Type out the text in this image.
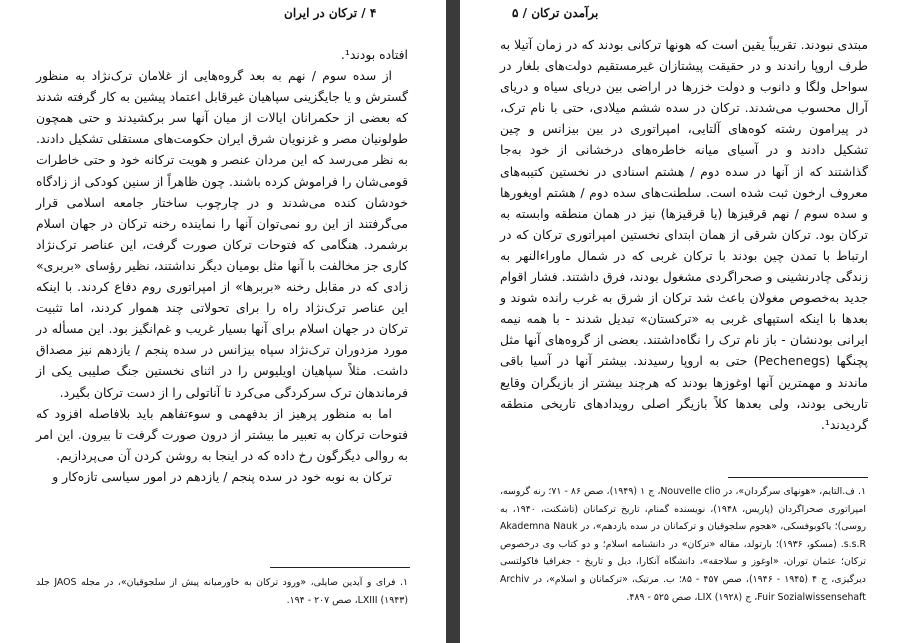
۴ / ترکان در ایران

افتاده بودند¹.

از سده سوم / نهم به بعد گروه‌هایی از غلامان ترک‌نژاد به منظور گسترش و یا جایگزینی سپاهیان غیرقابل اعتماد پیشین به کار گرفته شدند که بعضی از حکمرانان ایالات از میان آنها سر برکشیدند و حتی همچون طولونیان مصر و غزنویان شرق ایران حکومت‌های مستقلی تشکیل دادند. به نظر می‌رسد که این مردان عنصر و هویت ترکانه خود و حتی خاطرات قومی‌شان را فراموش کرده باشند. چون ظاهراً از سنین کودکی از زادگاه خودشان کنده می‌شدند و در چارچوب ساختار جامعه اسلامی قرار می‌گرفتند از این رو نمی‌توان آنها را نماینده رخنه ترکان در جهان اسلام برشمرد. هنگامی که فتوحات ترکان صورت گرفت، این عناصر ترک‌نژاد کاری جز مخالفت با آنها مثل بومیان دیگر نداشتند، نظیر رؤسای «بربری» زادی که در مقابل رخنه «بربرها» از امپراتوری روم دفاع کردند. با اینکه این عناصر ترک‌نژاد راه را برای تحولاتی چند هموار کردند، اما تثبیت ترکان در جهان اسلام برای آنها بسیار غریب و غم‌انگیز بود. این مسأله در مورد مزدوران ترک‌نژاد سپاه بیزانس در سده پنجم / یازدهم نیز مصداق داشت. مثلاً سپاهیان اویلیوس را در اثنای نخستین جنگ صلیبی یکی از فرماندهان ترک سرکردگی می‌کرد تا آناتولی را از دست ترکان بگیرد.

اما به منظور پرهیز از بدفهمی و سوءتفاهم باید بلافاصله افزود که فتوحات ترکان به تعبیر ما بیشتر از درون صورت گرفت تا بیرون. این امر به روالی دیگرگون رخ داده که در اینجا به روشن کردن آن می‌پردازیم.

ترکان به نوبه خود در سده پنجم / یازدهم در امور سیاسی تازه‌کار و

۱. فرای و آیدین صایلی، «ورود ترکان به خاورمیانه پیش از سلجوقیان»، در مجله JAOS جلد LXIII (۱۹۴۳)، صص ۲۰۷ - ۱۹۴.

برآمدن ترکان / ۵

مبتدی نبودند. تقریباً یقین است که هونها ترکانی بودند که در زمان آتیلا به طرف اروپا راندند و در حقیقت پیشتازان غیرمستقیم دولت‌های بلغار در سواحل ولگا و دانوب و دولت خزرها در اراضی بین دریای سیاه و دریای آرال محسوب می‌شدند. ترکان در سده ششم میلادی، حتی با نام ترک، در پیرامون رشته کوه‌های آلتایی، امپراتوری در بین بیزانس و چین تشکیل دادند و در آسیای میانه خاطره‌های درخشانی از خود به‌جا گذاشتند که از آنها در سده دوم / هشتم اسنادی در نخستین کتیبه‌های معروف ارخون ثبت شده است. سلطنت‌های سده دوم / هشتم اویغورها و سده سوم / نهم قرقیزها (یا قرقیزها) نیز در همان منطقه وابسته به ترکان بود. ترکان شرقی از همان ابتدای نخستین امپراتوری ترکان که در ارتباط با تمدن چین بودند با ترکان غربی که در شمال ماوراءالنهر به زندگی چادرنشینی و صحراگردی مشغول بودند، فرق داشتند. فشار اقوام جدید به‌خصوص مغولان باعث شد ترکان از شرق به غرب رانده شوند و بعدها با اینکه استپهای غربی به «ترکستان» تبدیل شدند - با همه نیمه ایرانی بودنشان - باز نام ترک را نگاه‌داشتند. بعضی از گروه‌های آنها مثل پچنگها (Pechenegs) حتی به اروپا رسیدند. بیشتر آنها در آسیا باقی ماندند و مهمترین آنها اوغوزها بودند که هرچند بیشتر از بازیگران وقایع تاریخی بودند، ولی بعدها کلاً بازیگر اصلی رویدادهای تاریخی منطقه گردیدند¹.

۱. ف.التایم، «هونهای سرگردان»، در Nouvelle clio، ج ۱ (۱۹۴۹)، صص ۸۶ - ۷۱؛ رنه گروسه، امپراتوری صحراگردان (پاریس، ۱۹۴۸)، نویسنده گمنام، تاریخ ترکمانان (تاشکنت، ۱۹۴۰، به روسی)؛ یاکوبوفسکی، «هجوم سلجوقیان و ترکمانان در سده یازدهم»، در Akademna Nauk s.s.R. (مسکو، ۱۹۳۶)؛ بارتولد، مقاله «ترکان» در دانشنامه اسلام؛ و دو کتاب وی درخصوص ترکان؛ عثمان توران، «اوغوز و سلاجقه»، دانشگاه آنکارا، دیل و تاریخ - جغرافیا فاکولتسی دیرگیزی، ج ۴ (۱۹۴۵ - ۱۹۴۶)، صص ۴۵۷ - ۸۵؛ ب. مرتیک، «ترکمانان و اسلام»، در Archiv Fuir Sozialwissensehaft، ج LIX (۱۹۲۸)، صص ۵۲۵ - ۴۸۹.
